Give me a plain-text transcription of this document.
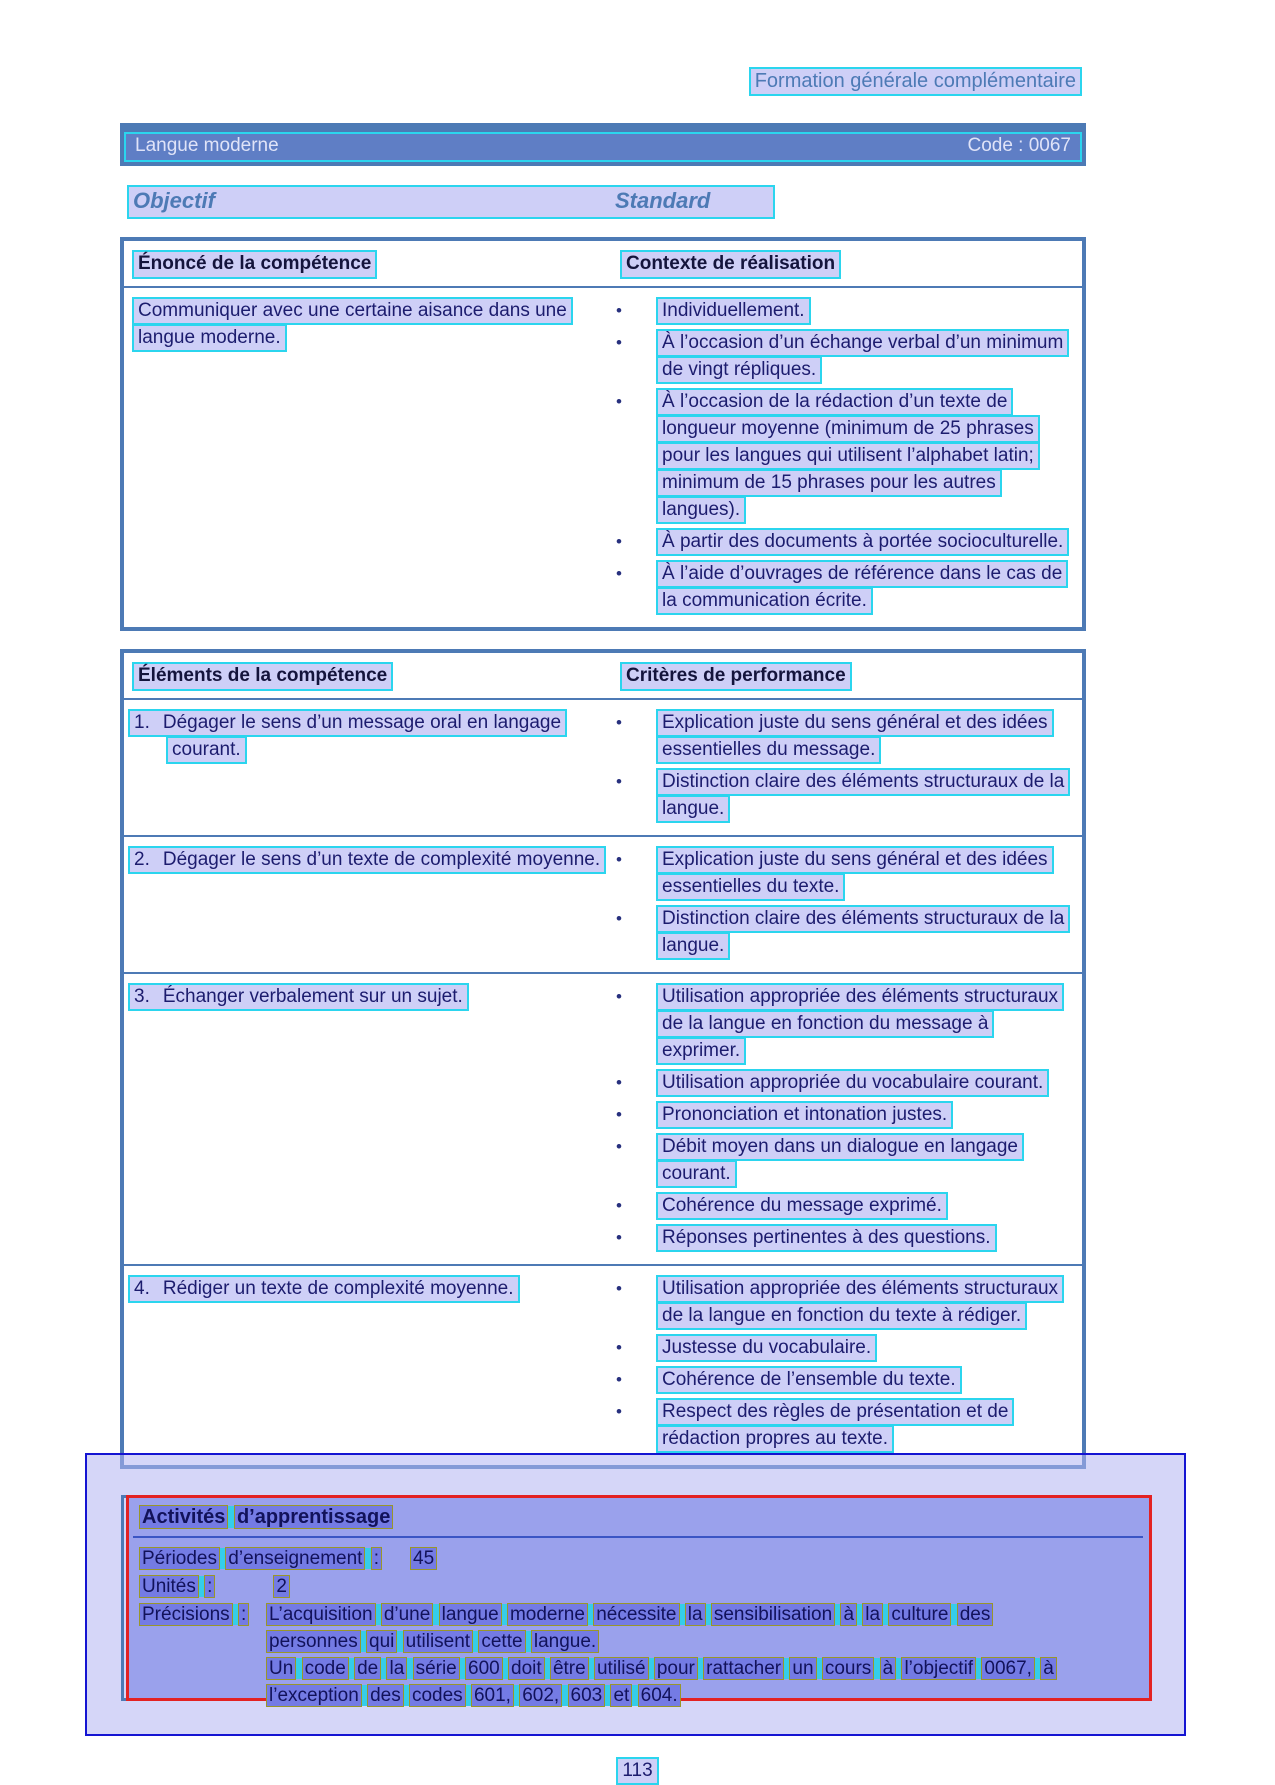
Formation générale complémentaire
Langue moderne	Code : 0067
Objectif	Standard
Énoncé de la compétence	Contexte de réalisation
Communiquer avec une certaine aisance dans une langue moderne.
• Individuellement.
• À l’occasion d’un échange verbal d’un minimum de vingt répliques.
• À l’occasion de la rédaction d’un texte de longueur moyenne (minimum de 25 phrases pour les langues qui utilisent l’alphabet latin; minimum de 15 phrases pour les autres langues).
• À partir des documents à portée socioculturelle.
• À l’aide d’ouvrages de référence dans le cas de la communication écrite.
Éléments de la compétence	Critères de performance
1. Dégager le sens d’un message oral en langage courant.
• Explication juste du sens général et des idées essentielles du message.
• Distinction claire des éléments structuraux de la langue.
2. Dégager le sens d’un texte de complexité moyenne. • Explication juste du sens général et des idées essentielles du texte.
• Distinction claire des éléments structuraux de la langue.
3. Échanger verbalement sur un sujet.	• Utilisation appropriée des éléments structuraux de la langue en fonction du message à exprimer.
• Utilisation appropriée du vocabulaire courant.
• Prononciation et intonation justes.
• Débit moyen dans un dialogue en langage courant.
• Cohérence du message exprimé.
• Réponses pertinentes à des questions.
4. Rédiger un texte de complexité moyenne.	• Utilisation appropriée des éléments structuraux de la langue en fonction du texte à rédiger.
• Justesse du vocabulaire.
• Cohérence de l’ensemble du texte.
• Respect des règles de présentation et de rédaction propres au texte.
Activités d’apprentissage
Périodes d’enseignement : 45
Unités :	2
Précisions :	L’acquisition d’une langue moderne nécessite la sensibilisation à la culture des personnes qui utilisent cette langue.

Un code de la série 600 doit être utilisé pour rattacher un cours à l’objectif 0067, à l’exception des codes 601, 602, 603 et 604.

113
